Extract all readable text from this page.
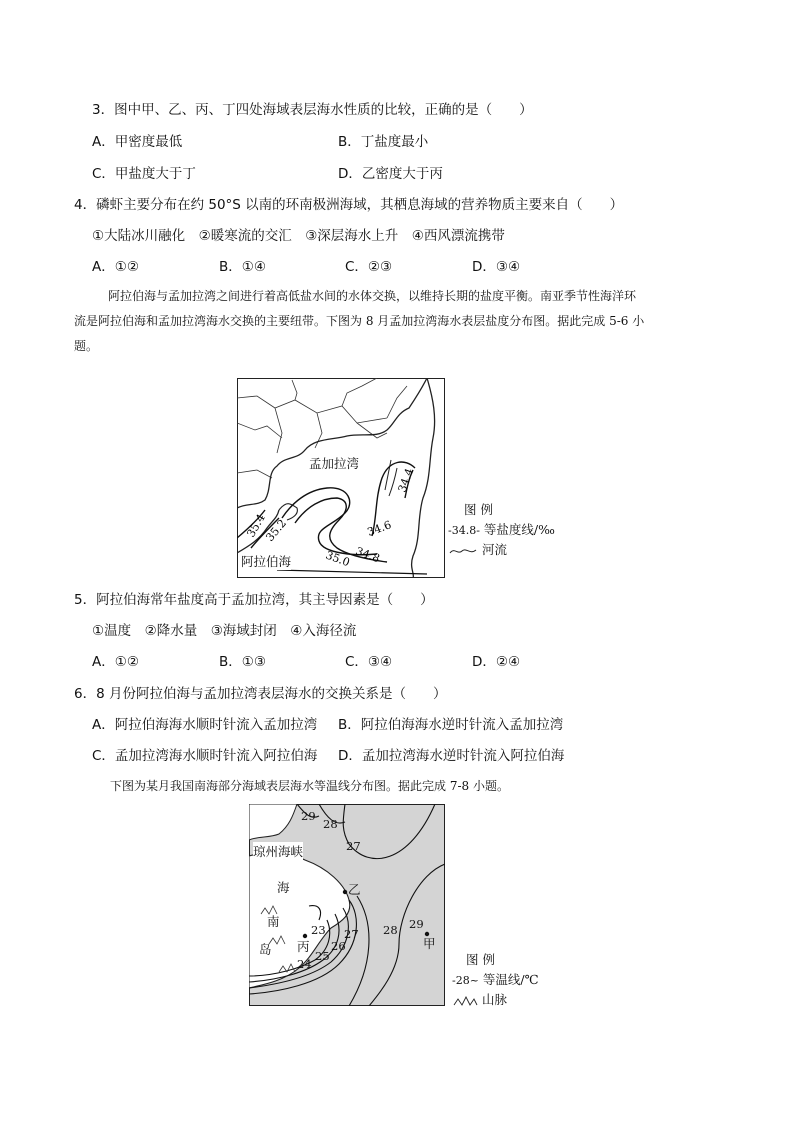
3．图中甲、乙、丙、丁四处海域表层海水性质的比较，正确的是（　　）
A．甲密度最低	B．丁盐度最小
C．甲盐度大于丁	D．乙密度大于丙
4．磷虾主要分布在约 50°S 以南的环南极洲海域，其栖息海域的营养物质主要来自（　　）
①大陆冰川融化　②暖寒流的交汇　③深层海水上升　④西风漂流携带
A．①②	B．①④	C．②③	D．③④
阿拉伯海与孟加拉湾之间进行着高低盐水间的水体交换，以维持长期的盐度平衡。南亚季节性海洋环
流是阿拉伯海和孟加拉湾海水交换的主要纽带。下图为 8 月孟加拉湾海水表层盐度分布图。据此完成 5-6 小
题。
35.4
35.2
35.0 34.8
34.6
34.4
孟加拉湾
阿拉伯海
图 例
-34.8- 等盐度线/‰
河流
5．阿拉伯海常年盐度高于孟加拉湾，其主导因素是（　　）
①温度　②降水量　③海域封闭　④入海径流
A．①②	B．①③	C．③④	D．②④
6．8 月份阿拉伯海与孟加拉湾表层海水的交换关系是（　　）
A．阿拉伯海海水顺时针流入孟加拉湾 B．阿拉伯海海水逆时针流入孟加拉湾
C．孟加拉湾海水顺时针流入阿拉伯海 D．孟加拉湾海水逆时针流入阿拉伯海
下图为某月我国南海部分海域表层海水等温线分布图。据此完成 7-8 小题。
29
28
27
23 27
26
25
24
28 29
乙
丙	甲
琼州海峡
海
南
岛
图 例
-28~ 等温线/℃
山脉
